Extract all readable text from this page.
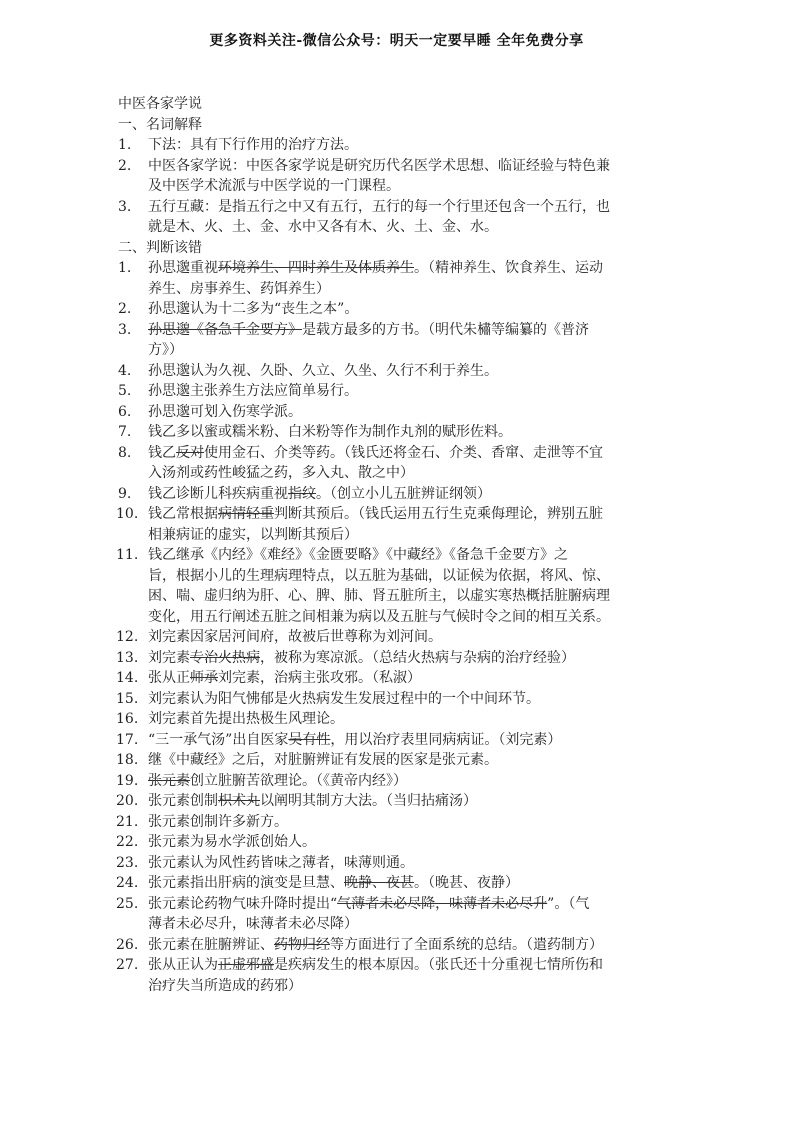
更多资料关注-微信公众号：明天一定要早睡 全年免费分享
中医各家学说
一、名词解释
1. 下法：具有下行作用的治疗方法。
2. 中医各家学说：中医各家学说是研究历代名医学术思想、临证经验与特色兼
及中医学术流派与中医学说的一门课程。
3. 五行互藏：是指五行之中又有五行，五行的每一个行里还包含一个五行，也
就是木、火、土、金、水中又各有木、火、土、金、水。
二、判断该错
1. 孙思邈重视环境养生、四时养生及体质养生。（精神养生、饮食养生、运动
养生、房事养生、药饵养生）
2. 孙思邈认为十二多为“丧生之本”。
3. 孙思邈《备急千金要方》是载方最多的方书。（明代朱橚等编纂的《普济
方》）
4. 孙思邈认为久视、久卧、久立、久坐、久行不利于养生。
5. 孙思邈主张养生方法应简单易行。
6. 孙思邈可划入伤寒学派。
7. 钱乙多以蜜或糯米粉、白米粉等作为制作丸剂的赋形佐料。
8. 钱乙反对使用金石、介类等药。（钱氏还将金石、介类、香窜、走泄等不宜
入汤剂或药性峻猛之药，多入丸、散之中）
9. 钱乙诊断儿科疾病重视指纹。（创立小儿五脏辨证纲领）
10. 钱乙常根据病情轻重判断其预后。（钱氏运用五行生克乘侮理论，辨别五脏
相兼病证的虚实，以判断其预后）
11. 钱乙继承《内经》《难经》《金匮要略》《中藏经》《备急千金要方》之
旨，根据小儿的生理病理特点，以五脏为基础，以证候为依据，将风、惊、
困、喘、虚归纳为肝、心、脾、肺、肾五脏所主，以虚实寒热概括脏腑病理
变化，用五行阐述五脏之间相兼为病以及五脏与气候时令之间的相互关系。
12. 刘完素因家居河间府，故被后世尊称为刘河间。
13. 刘完素专治火热病，被称为寒凉派。（总结火热病与杂病的治疗经验）
14. 张从正师承刘完素，治病主张攻邪。（私淑）
15. 刘完素认为阳气怫郁是火热病发生发展过程中的一个中间环节。
16. 刘完素首先提出热极生风理论。
17. “三一承气汤”出自医家吴有性，用以治疗表里同病病证。（刘完素）
18. 继《中藏经》之后，对脏腑辨证有发展的医家是张元素。
19. 张元素创立脏腑苦欲理论。（《黄帝内经》）
20. 张元素创制枳术丸以阐明其制方大法。（当归拈痛汤）
21. 张元素创制许多新方。
22. 张元素为易水学派创始人。
23. 张元素认为风性药皆味之薄者，味薄则通。
24. 张元素指出肝病的演变是旦慧、晚静、夜甚。（晚甚、夜静）
25. 张元素论药物气味升降时提出“气薄者未必尽降，味薄者未必尽升”。（气
薄者未必尽升，味薄者未必尽降）
26. 张元素在脏腑辨证、药物归经等方面进行了全面系统的总结。（遣药制方）
27. 张从正认为正虚邪盛是疾病发生的根本原因。（张氏还十分重视七情所伤和
治疗失当所造成的药邪）
